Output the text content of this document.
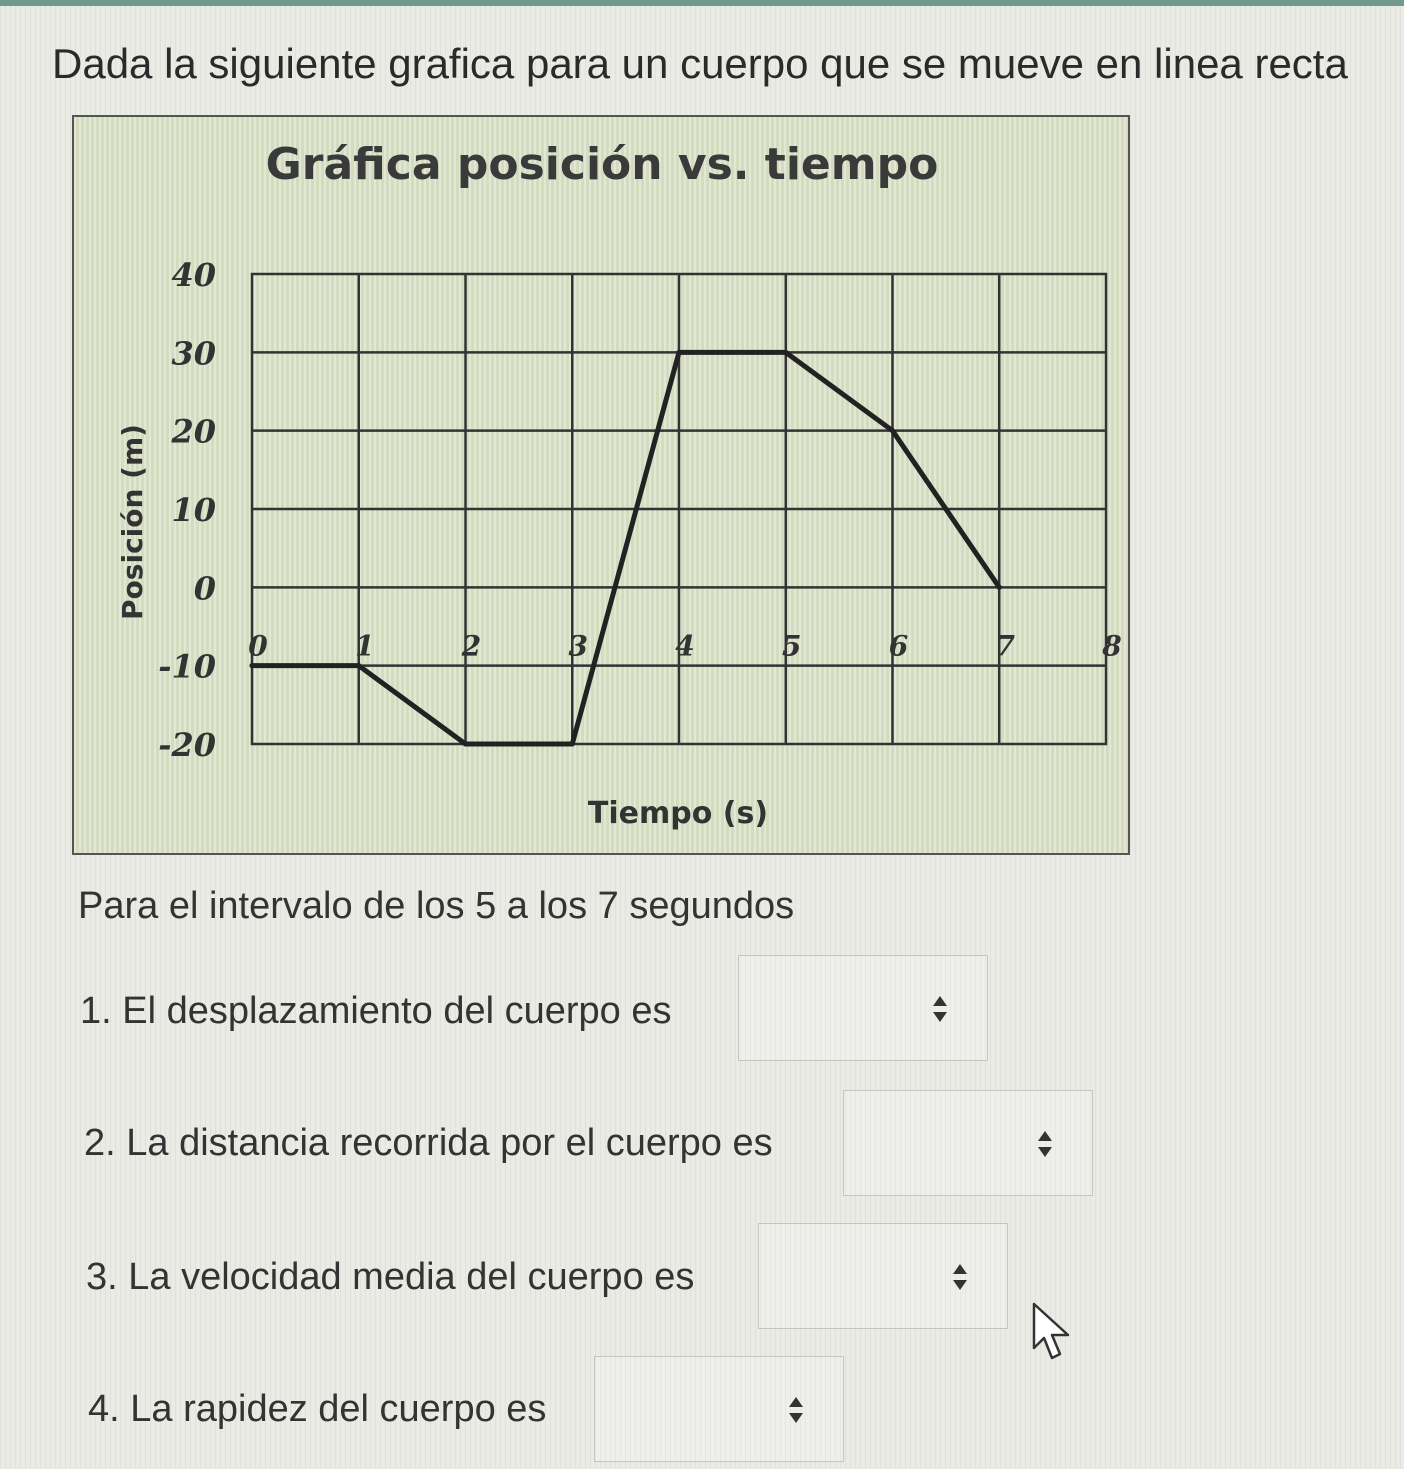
Dada la siguiente grafica para un cuerpo que se mueve en linea recta
Gráfica posición vs. tiempo
40
30
20
10
0
-10
-20
0	1	2	3	4	5	6	7	8
Posición (m)
Tiempo (s)
Para el intervalo de los 5 a los 7 segundos
1. El desplazamiento del cuerpo es
2. La distancia recorrida por el cuerpo es
3. La velocidad media del cuerpo es
4. La rapidez del cuerpo es
